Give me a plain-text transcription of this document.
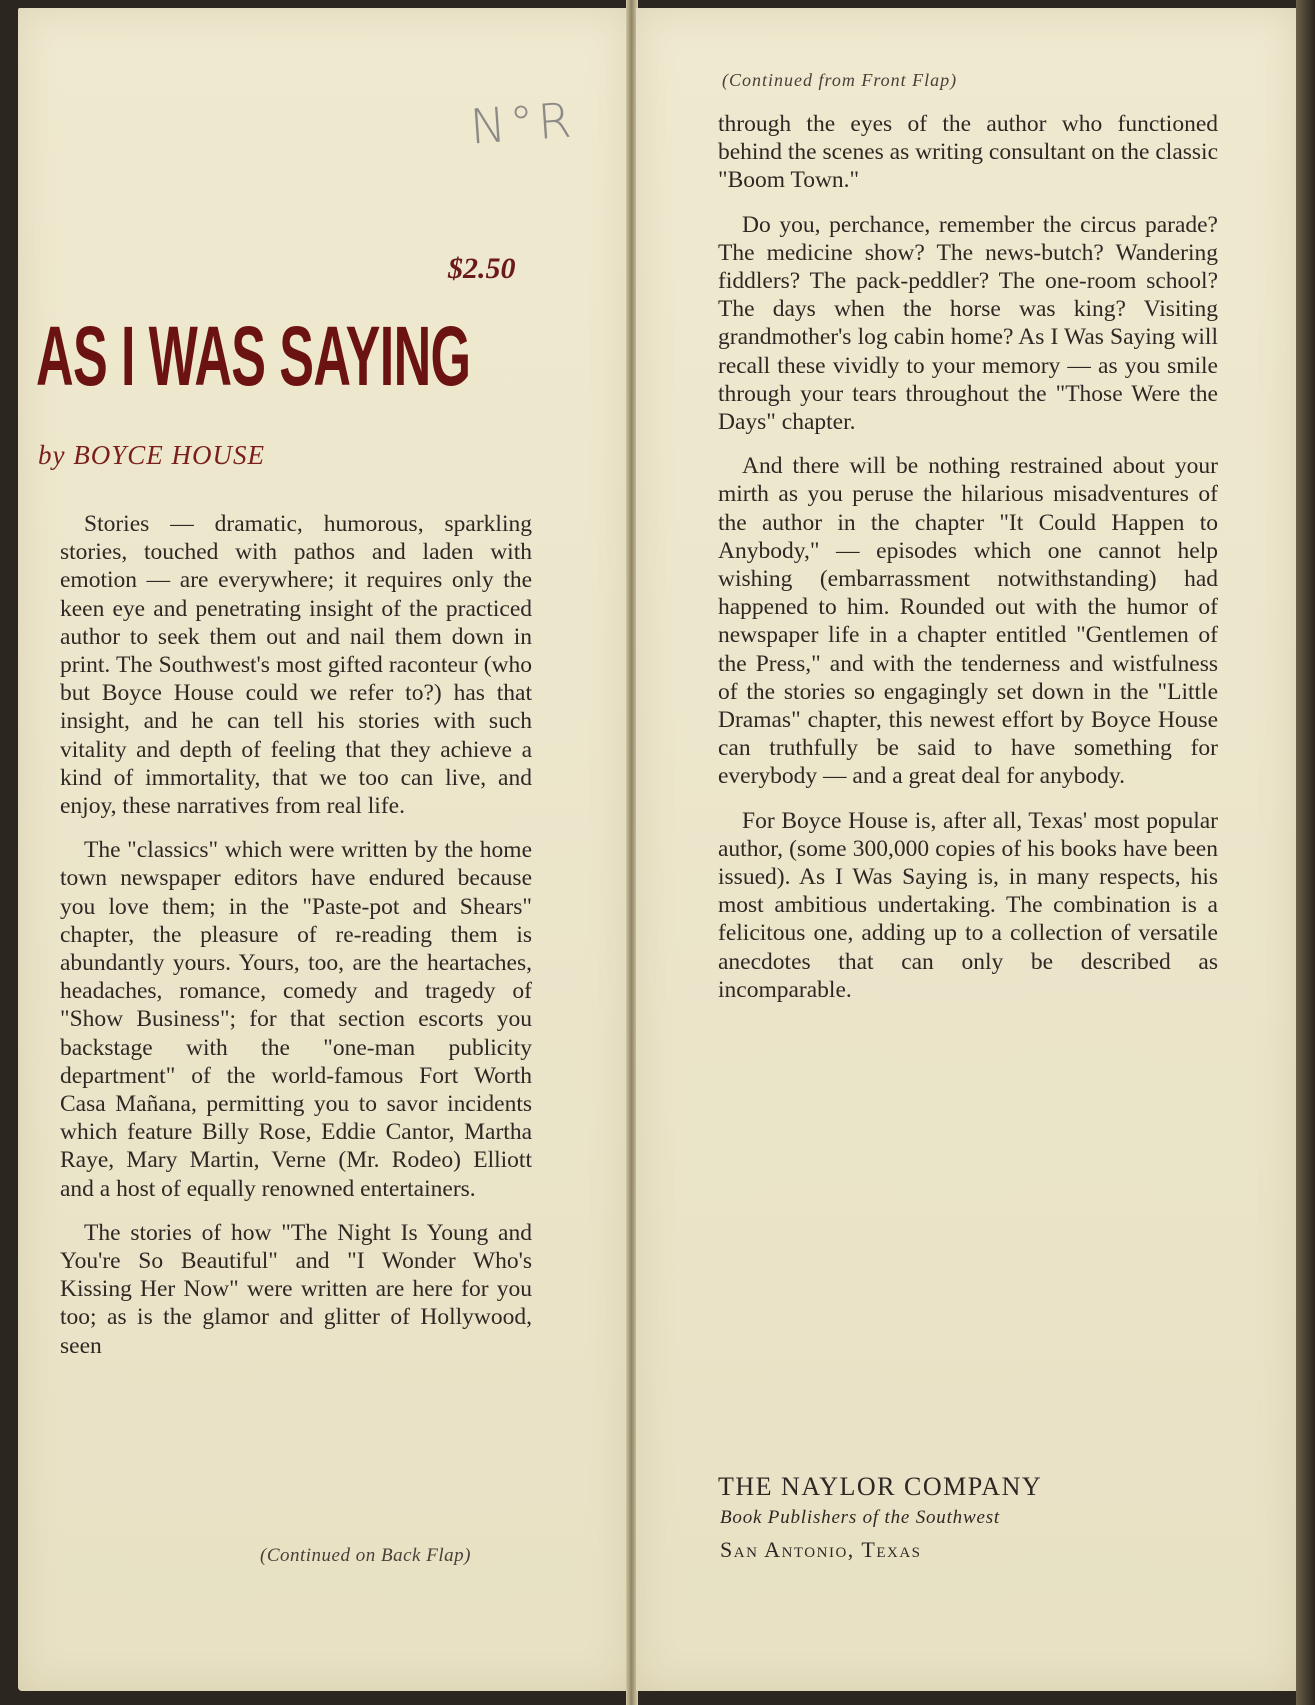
N°R
$2.50
AS I WAS SAYING
by BOYCE HOUSE

Stories — dramatic, humorous, sparkling stories, touched with pathos and laden with emotion — are everywhere; it requires only the keen eye and penetrating insight of the practiced author to seek them out and nail them down in print. The Southwest's most gifted raconteur (who but Boyce House could we refer to?) has that insight, and he can tell his stories with such vitality and depth of feeling that they achieve a kind of immortality, that we too can live, and enjoy, these narratives from real life.

The "classics" which were written by the home town newspaper editors have endured because you love them; in the "Paste-pot and Shears" chapter, the pleasure of re-reading them is abundantly yours. Yours, too, are the heartaches, headaches, romance, comedy and tragedy of "Show Business"; for that section escorts you backstage with the "one-man publicity department" of the world-famous Fort Worth Casa Mañana, permitting you to savor incidents which feature Billy Rose, Eddie Cantor, Martha Raye, Mary Martin, Verne (Mr. Rodeo) Elliott and a host of equally renowned entertainers.

The stories of how "The Night Is Young and You're So Beautiful" and "I Wonder Who's Kissing Her Now" were written are here for you too; as is the glamor and glitter of Hollywood, seen

(Continued on Back Flap)
(Continued from Front Flap)

through the eyes of the author who functioned behind the scenes as writing consultant on the classic "Boom Town."

Do you, perchance, remember the circus parade? The medicine show? The news-butch? Wandering fiddlers? The pack-peddler? The one-room school? The days when the horse was king? Visiting grandmother's log cabin home? As I Was Saying will recall these vividly to your memory — as you smile through your tears throughout the "Those Were the Days" chapter.

And there will be nothing restrained about your mirth as you peruse the hilarious misadventures of the author in the chapter "It Could Happen to Anybody," — episodes which one cannot help wishing (embarrassment notwithstanding) had happened to him. Rounded out with the humor of newspaper life in a chapter entitled "Gentlemen of the Press," and with the tenderness and wistfulness of the stories so engagingly set down in the "Little Dramas" chapter, this newest effort by Boyce House can truthfully be said to have something for everybody — and a great deal for anybody.

For Boyce House is, after all, Texas' most popular author, (some 300,000 copies of his books have been issued). As I Was Saying is, in many respects, his most ambitious undertaking. The combination is a felicitous one, adding up to a collection of versatile anecdotes that can only be described as incomparable.

THE NAYLOR COMPANY
Book Publishers of the Southwest
San Antonio, Texas
